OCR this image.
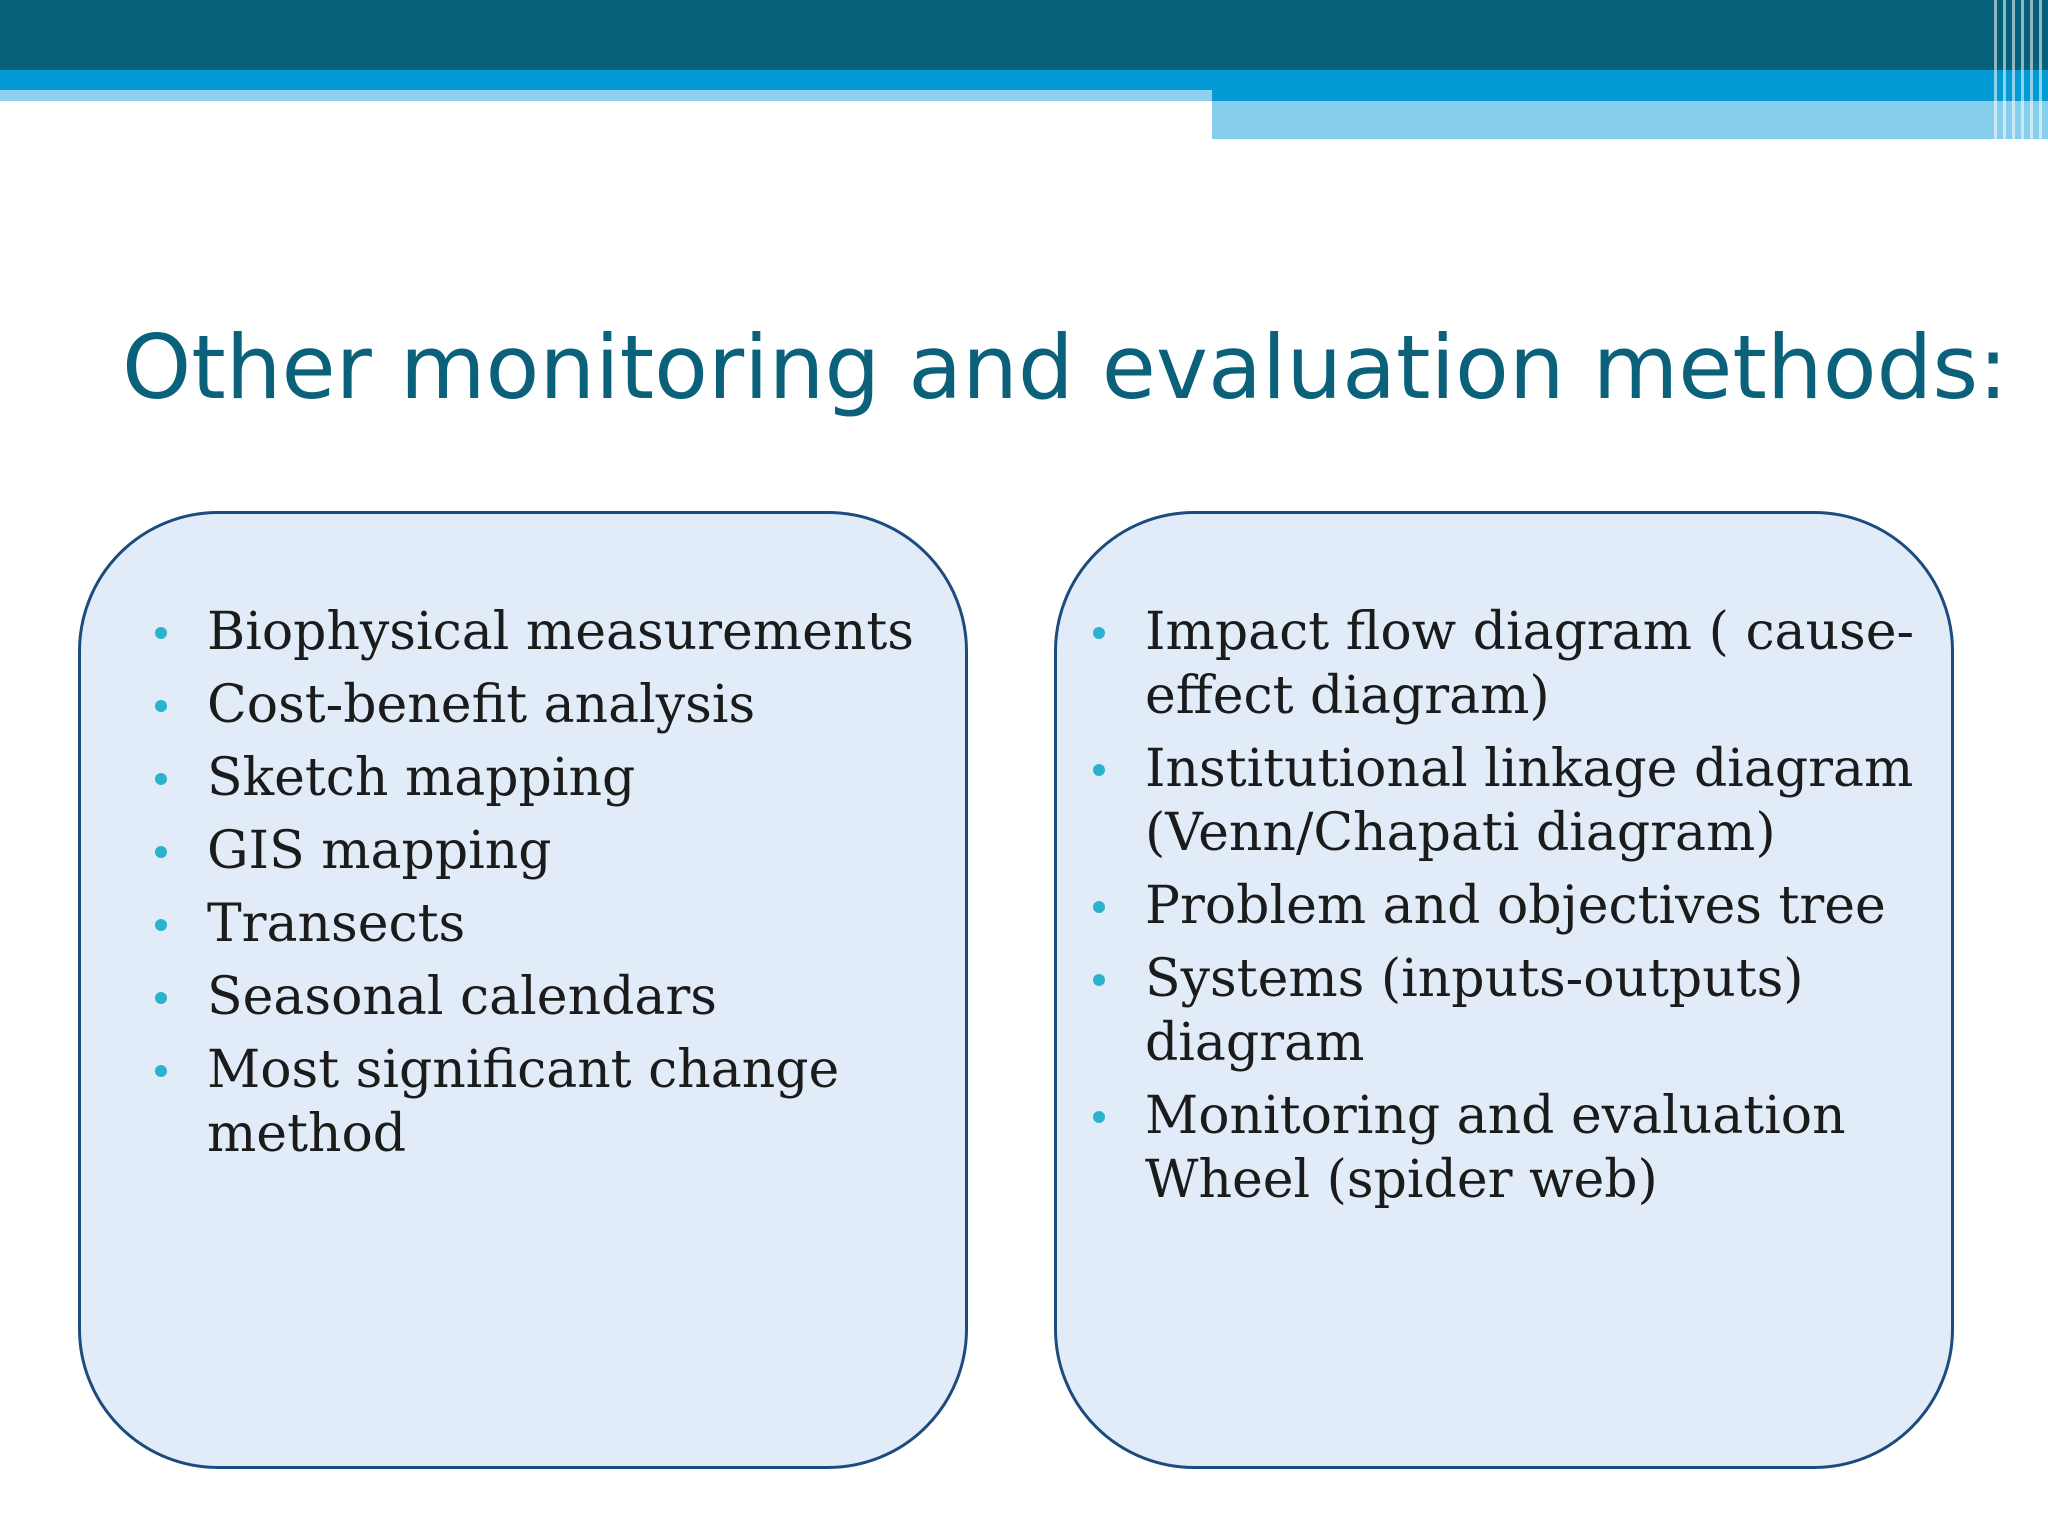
Other monitoring and evaluation methods:
Biophysical measurements
Cost-benefit analysis
Sketch mapping
GIS mapping
Transects
Seasonal calendars
Most significant change
method
Impact flow diagram ( cause-
effect diagram)
Institutional linkage diagram
(Venn/Chapati diagram)
Problem and objectives tree
Systems (inputs-outputs)
diagram
Monitoring and evaluation
Wheel (spider web)
